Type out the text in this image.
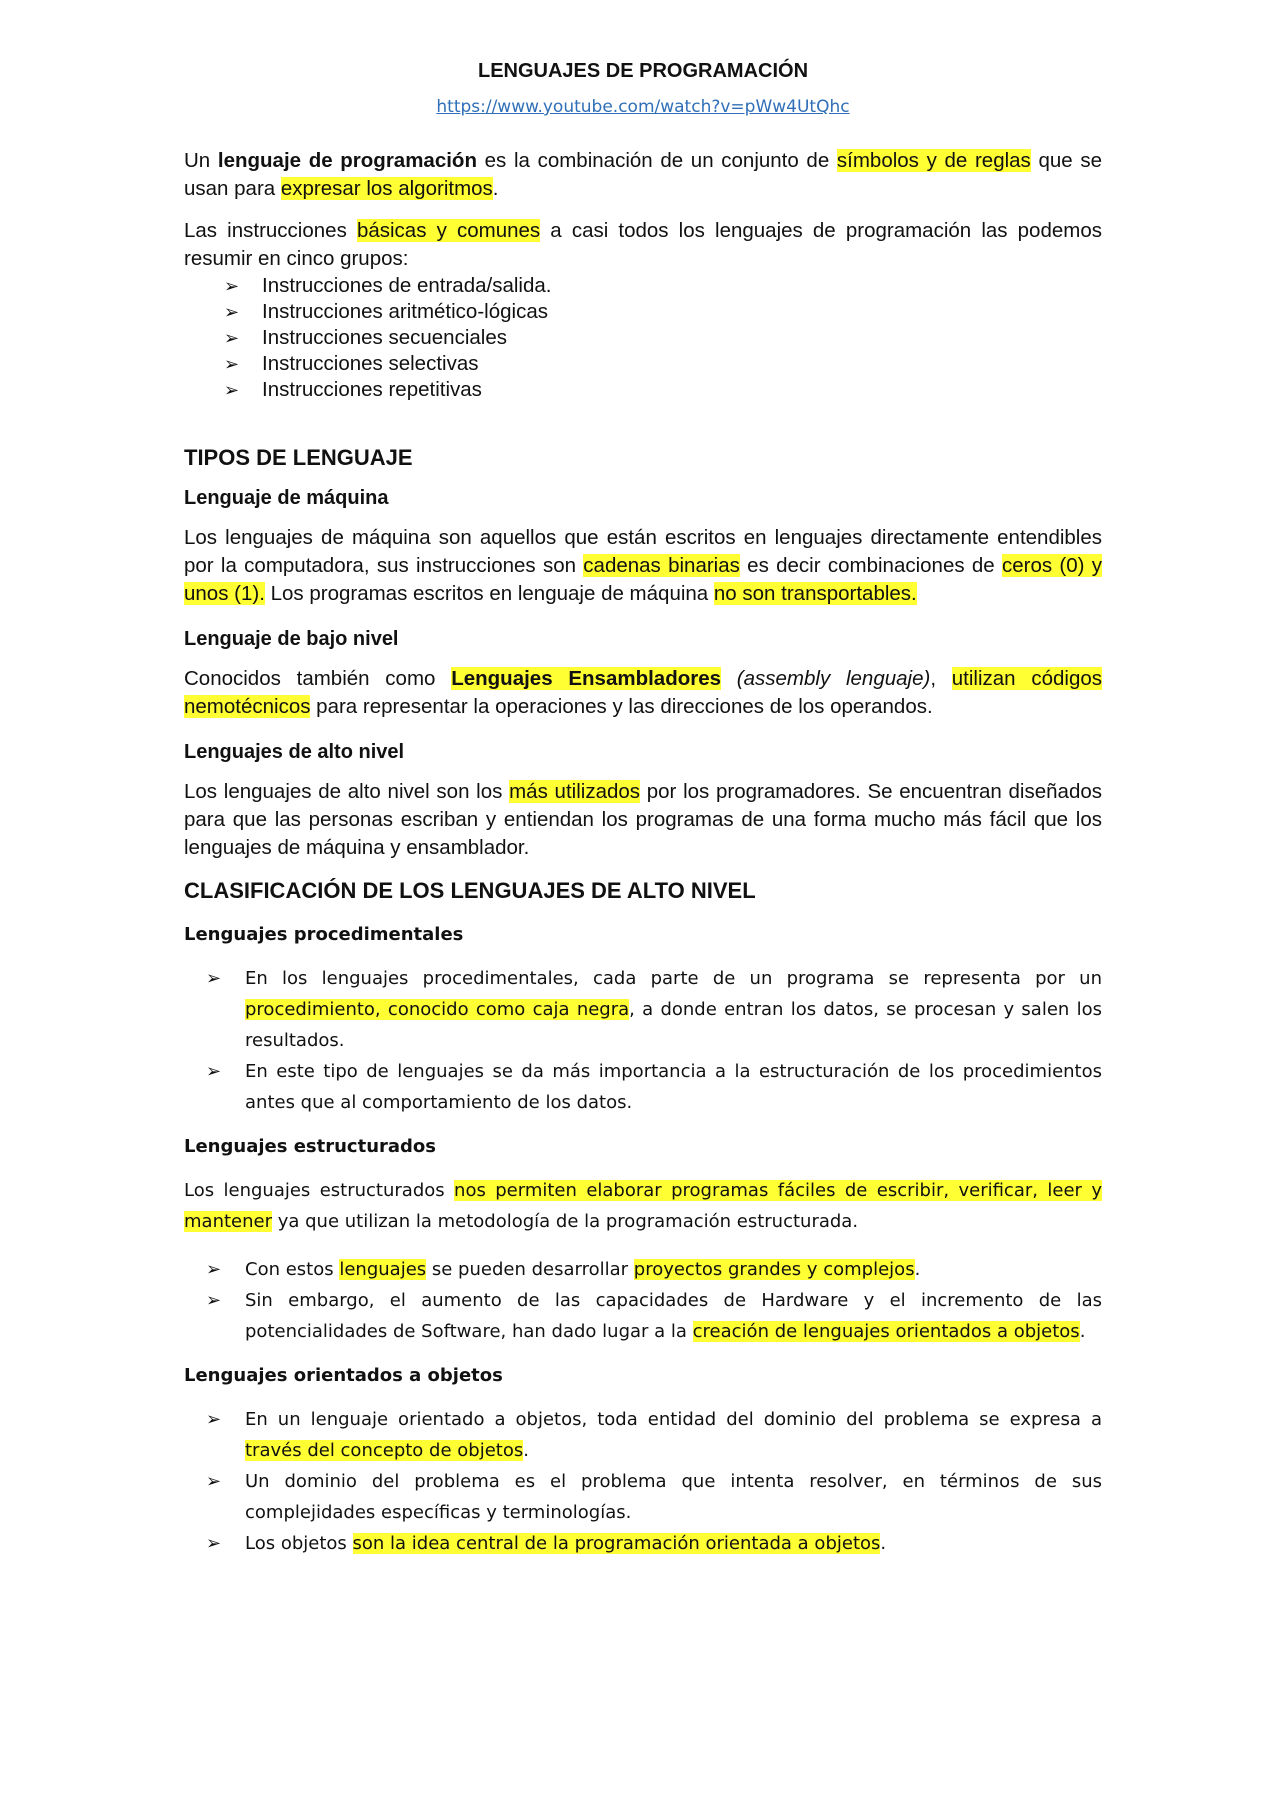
LENGUAJES DE PROGRAMACIÓN
https://www.youtube.com/watch?v=pWw4UtQhc

Un lenguaje de programación es la combinación de un conjunto de símbolos y de reglas que se usan para expresar los algoritmos.

Las instrucciones básicas y comunes a casi todos los lenguajes de programación las podemos resumir en cinco grupos:

➢ Instrucciones de entrada/salida.
➢ Instrucciones aritmético-lógicas
➢ Instrucciones secuenciales
➢ Instrucciones selectivas
➢ Instrucciones repetitivas
TIPOS DE LENGUAJE
Lenguaje de máquina

Los lenguajes de máquina son aquellos que están escritos en lenguajes directamente entendibles por la computadora, sus instrucciones son cadenas binarias es decir combinaciones de ceros (0) y unos (1). Los programas escritos en lenguaje de máquina no son transportables.

Lenguaje de bajo nivel

Conocidos también como Lenguajes Ensambladores (assembly lenguaje), utilizan códigos nemotécnicos para representar la operaciones y las direcciones de los operandos.

Lenguajes de alto nivel

Los lenguajes de alto nivel son los más utilizados por los programadores. Se encuentran diseñados para que las personas escriban y entiendan los programas de una forma mucho más fácil que los lenguajes de máquina y ensamblador.

CLASIFICACIÓN DE LOS LENGUAJES DE ALTO NIVEL
Lenguajes procedimentales
➢ En los lenguajes procedimentales, cada parte de un programa se representa por un procedimiento, conocido como caja negra, a donde entran los datos, se procesan y salen los resultados.
➢ En este tipo de lenguajes se da más importancia a la estructuración de los procedimientos antes que al comportamiento de los datos.
Lenguajes estructurados

Los lenguajes estructurados nos permiten elaborar programas fáciles de escribir, verificar, leer y mantener ya que utilizan la metodología de la programación estructurada.

➢ Con estos lenguajes se pueden desarrollar proyectos grandes y complejos.
➢ Sin embargo, el aumento de las capacidades de Hardware y el incremento de las potencialidades de Software, han dado lugar a la creación de lenguajes orientados a objetos.
Lenguajes orientados a objetos
➢ En un lenguaje orientado a objetos, toda entidad del dominio del problema se expresa a través del concepto de objetos.
➢ Un dominio del problema es el problema que intenta resolver, en términos de sus complejidades específicas y terminologías.
➢ Los objetos son la idea central de la programación orientada a objetos.
